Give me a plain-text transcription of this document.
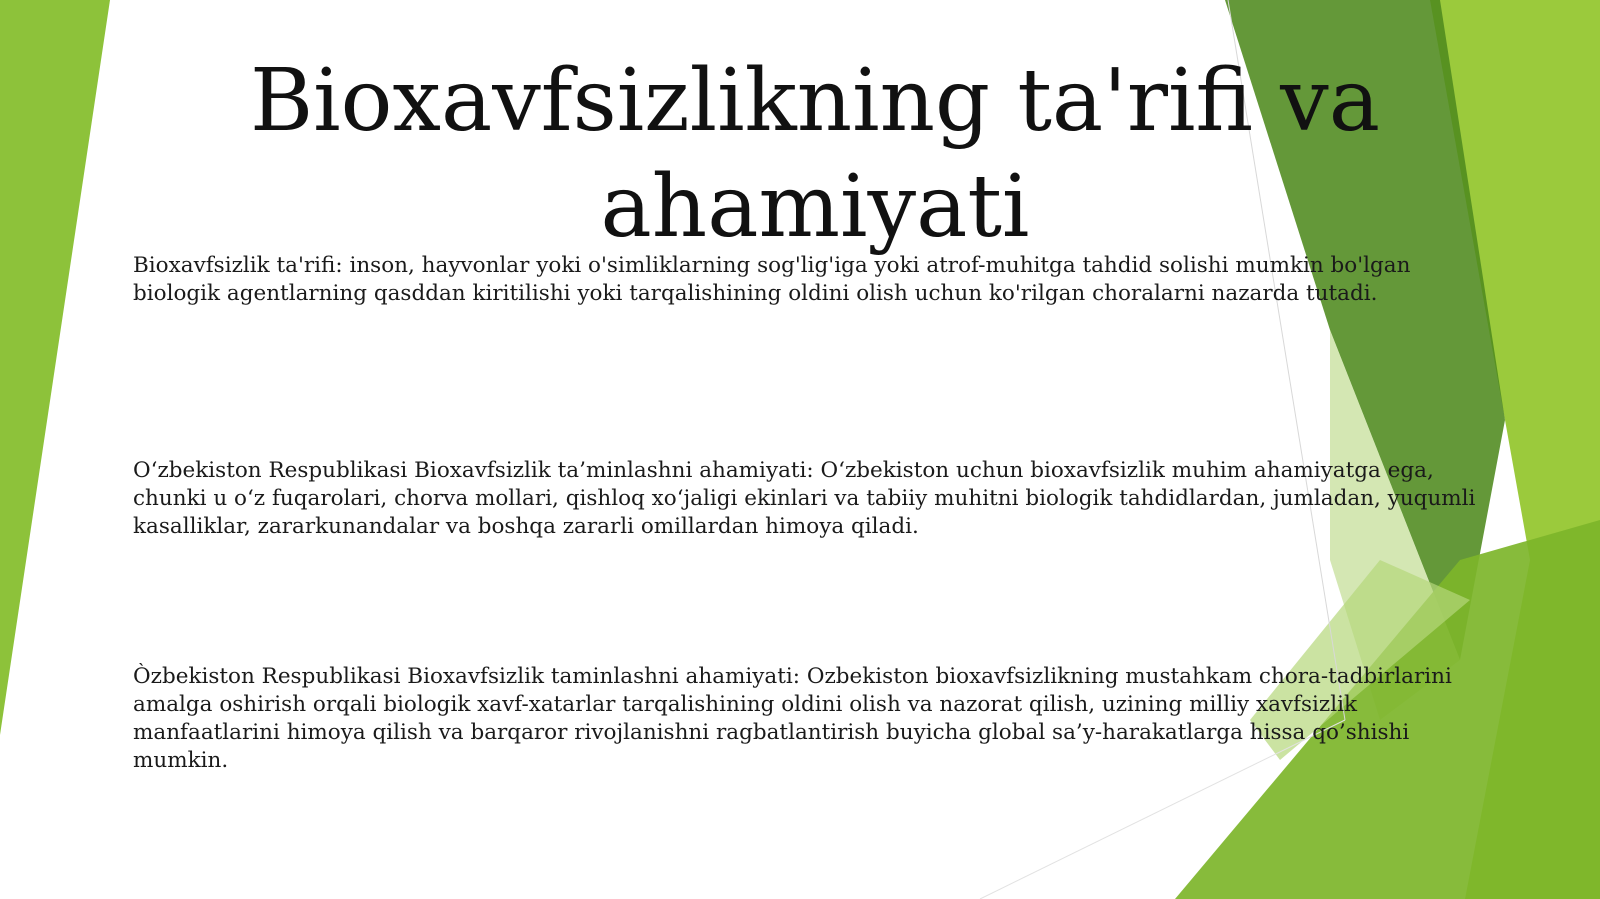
Bioxavfsizlikning ta'rifi va ahamiyati

Bioxavfsizlik ta'rifi: inson, hayvonlar yoki o'simliklarning sog'lig'iga yoki atrof-muhitga tahdid solishi mumkin bo'lgan biologik agentlarning qasddan kiritilishi yoki tarqalishining oldini olish uchun ko'rilgan choralarni nazarda tutadi.

O‘zbekiston Respublikasi Bioxavfsizlik ta’minlashni ahamiyati: O‘zbekiston uchun bioxavfsizlik muhim ahamiyatga ega, chunki u o‘z fuqarolari, chorva mollari, qishloq xo‘jaligi ekinlari va tabiiy muhitni biologik tahdidlardan, jumladan, yuqumli kasalliklar, zararkunandalar va boshqa zararli omillardan himoya qiladi.

Òzbekiston Respublikasi Bioxavfsizlik taminlashni ahamiyati: Ozbekiston bioxavfsizlikning mustahkam chora-tadbirlarini amalga oshirish orqali biologik xavf-xatarlar tarqalishining oldini olish va nazorat qilish, uzining milliy xavfsizlik manfaatlarini himoya qilish va barqaror rivojlanishni ragbatlantirish buyicha global sa’y-harakatlarga hissa qo’shishi mumkin.
